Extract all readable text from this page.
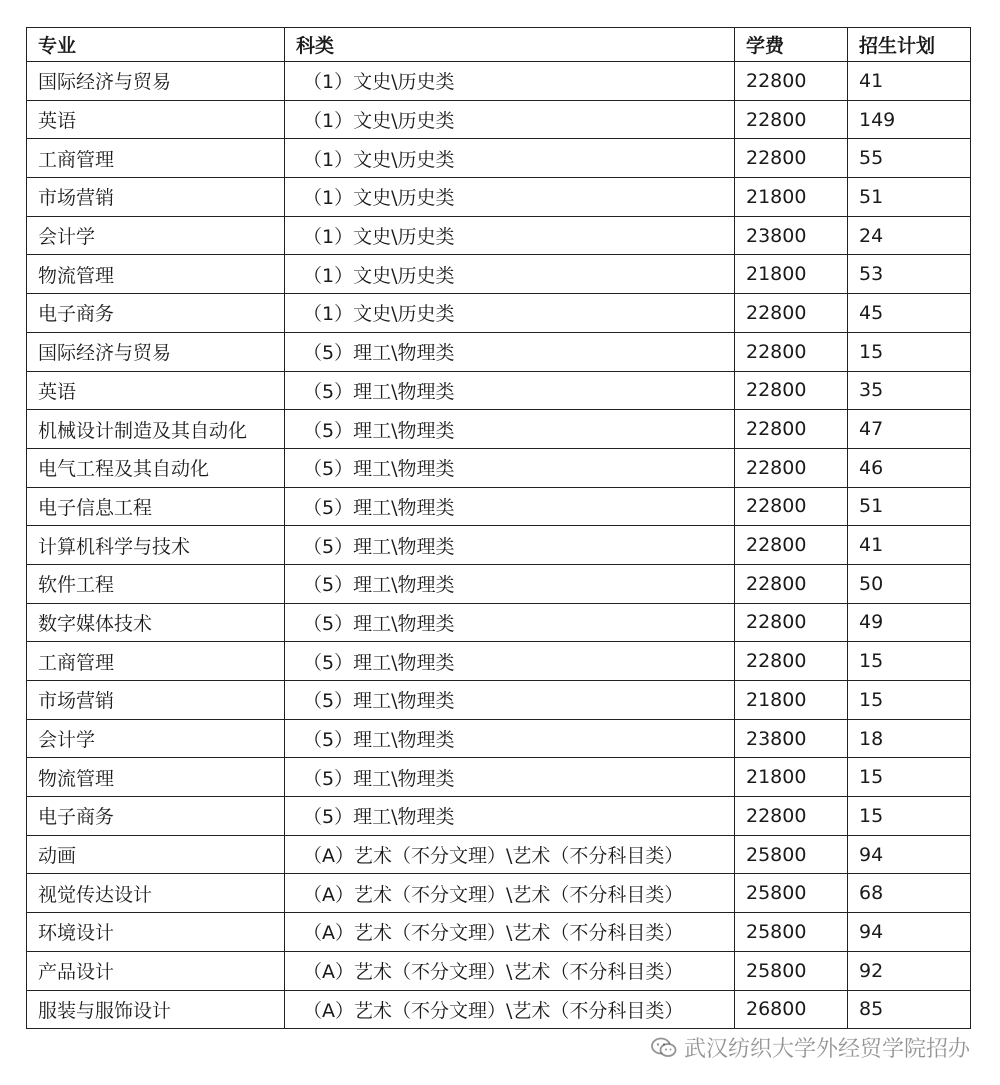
专业	科类	学费	招生计划
国际经济与贸易	（1）文史\历史类	22800	41
英语	（1）文史\历史类	22800	149
工商管理	（1）文史\历史类	22800	55
市场营销	（1）文史\历史类	21800	51
会计学	（1）文史\历史类	23800	24
物流管理	（1）文史\历史类	21800	53
电子商务	（1）文史\历史类	22800	45
国际经济与贸易	（5）理工\物理类	22800	15
英语	（5）理工\物理类	22800	35
机械设计制造及其自动化	（5）理工\物理类	22800	47
电气工程及其自动化	（5）理工\物理类	22800	46
电子信息工程	（5）理工\物理类	22800	51
计算机科学与技术	（5）理工\物理类	22800	41
软件工程	（5）理工\物理类	22800	50
数字媒体技术	（5）理工\物理类	22800	49
工商管理	（5）理工\物理类	22800	15
市场营销	（5）理工\物理类	21800	15
会计学	（5）理工\物理类	23800	18
物流管理	（5）理工\物理类	21800	15
电子商务	（5）理工\物理类	22800	15
动画	（A）艺术（不分文理）\艺术（不分科目类）	25800	94
视觉传达设计	（A）艺术（不分文理）\艺术（不分科目类）	25800	68
环境设计	（A）艺术（不分文理）\艺术（不分科目类）	25800	94
产品设计	（A）艺术（不分文理）\艺术（不分科目类）	25800	92
服装与服饰设计	（A）艺术（不分文理）\艺术（不分科目类）	26800	85
武汉纺织大学外经贸学院招办
